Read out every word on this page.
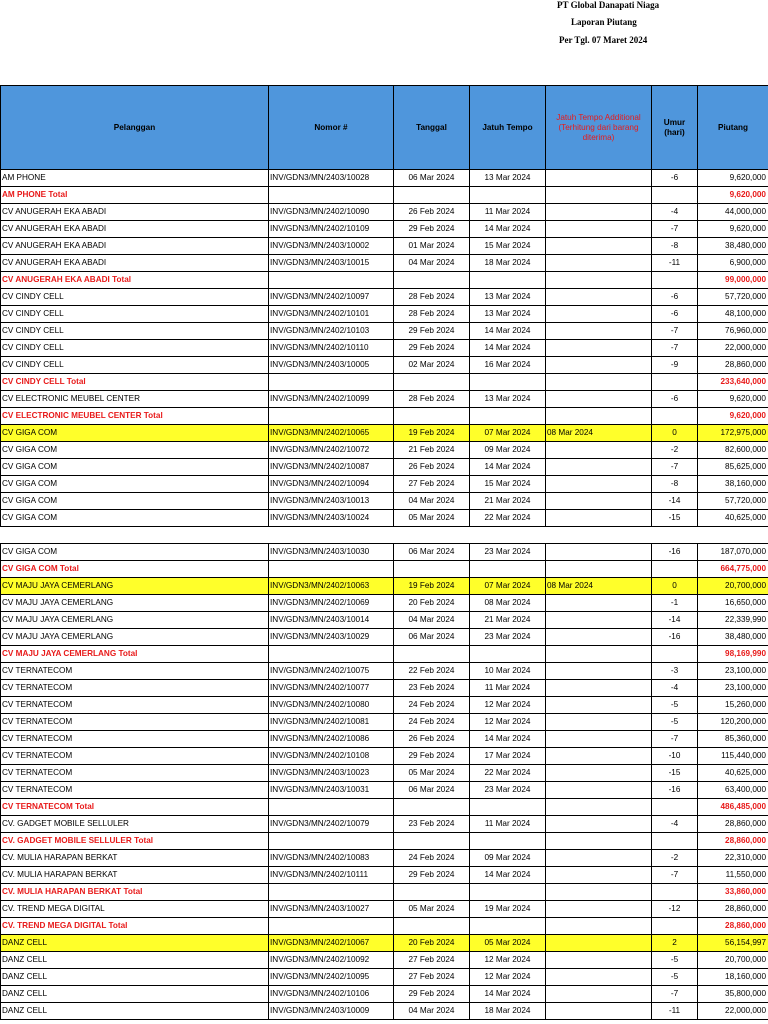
PT Global Danapati Niaga
Laporan Piutang
Per Tgl. 07 Maret 2024
Pelanggan	Nomor #	Tanggal	Jatuh Tempo	Jatuh Tempo Additional (Terhitung dari barang diterima)	Umur (hari)	Piutang
AM PHONE	INV/GDN3/MN/2403/10028	06 Mar 2024	13 Mar 2024		-6	9,620,000
AM PHONE Total						9,620,000
CV ANUGERAH EKA ABADI	INV/GDN3/MN/2402/10090	26 Feb 2024	11 Mar 2024		-4	44,000,000
CV ANUGERAH EKA ABADI	INV/GDN3/MN/2402/10109	29 Feb 2024	14 Mar 2024		-7	9,620,000
CV ANUGERAH EKA ABADI	INV/GDN3/MN/2403/10002	01 Mar 2024	15 Mar 2024		-8	38,480,000
CV ANUGERAH EKA ABADI	INV/GDN3/MN/2403/10015	04 Mar 2024	18 Mar 2024		-11	6,900,000
CV ANUGERAH EKA ABADI Total						99,000,000
CV CINDY CELL	INV/GDN3/MN/2402/10097	28 Feb 2024	13 Mar 2024		-6	57,720,000
CV CINDY CELL	INV/GDN3/MN/2402/10101	28 Feb 2024	13 Mar 2024		-6	48,100,000
CV CINDY CELL	INV/GDN3/MN/2402/10103	29 Feb 2024	14 Mar 2024		-7	76,960,000
CV CINDY CELL	INV/GDN3/MN/2402/10110	29 Feb 2024	14 Mar 2024		-7	22,000,000
CV CINDY CELL	INV/GDN3/MN/2403/10005	02 Mar 2024	16 Mar 2024		-9	28,860,000
CV CINDY CELL Total						233,640,000
CV ELECTRONIC MEUBEL CENTER	INV/GDN3/MN/2402/10099	28 Feb 2024	13 Mar 2024		-6	9,620,000
CV ELECTRONIC MEUBEL CENTER Total						9,620,000
CV GIGA COM	INV/GDN3/MN/2402/10065	19 Feb 2024	07 Mar 2024	08 Mar 2024	0	172,975,000
CV GIGA COM	INV/GDN3/MN/2402/10072	21 Feb 2024	09 Mar 2024		-2	82,600,000
CV GIGA COM	INV/GDN3/MN/2402/10087	26 Feb 2024	14 Mar 2024		-7	85,625,000
CV GIGA COM	INV/GDN3/MN/2402/10094	27 Feb 2024	15 Mar 2024		-8	38,160,000
CV GIGA COM	INV/GDN3/MN/2403/10013	04 Mar 2024	21 Mar 2024		-14	57,720,000
CV GIGA COM	INV/GDN3/MN/2403/10024	05 Mar 2024	22 Mar 2024		-15	40,625,000

CV GIGA COM	INV/GDN3/MN/2403/10030	06 Mar 2024	23 Mar 2024		-16	187,070,000
CV GIGA COM Total						664,775,000
CV MAJU JAYA CEMERLANG	INV/GDN3/MN/2402/10063	19 Feb 2024	07 Mar 2024	08 Mar 2024	0	20,700,000
CV MAJU JAYA CEMERLANG	INV/GDN3/MN/2402/10069	20 Feb 2024	08 Mar 2024		-1	16,650,000
CV MAJU JAYA CEMERLANG	INV/GDN3/MN/2403/10014	04 Mar 2024	21 Mar 2024		-14	22,339,990
CV MAJU JAYA CEMERLANG	INV/GDN3/MN/2403/10029	06 Mar 2024	23 Mar 2024		-16	38,480,000
CV MAJU JAYA CEMERLANG Total						98,169,990
CV TERNATECOM	INV/GDN3/MN/2402/10075	22 Feb 2024	10 Mar 2024		-3	23,100,000
CV TERNATECOM	INV/GDN3/MN/2402/10077	23 Feb 2024	11 Mar 2024		-4	23,100,000
CV TERNATECOM	INV/GDN3/MN/2402/10080	24 Feb 2024	12 Mar 2024		-5	15,260,000
CV TERNATECOM	INV/GDN3/MN/2402/10081	24 Feb 2024	12 Mar 2024		-5	120,200,000
CV TERNATECOM	INV/GDN3/MN/2402/10086	26 Feb 2024	14 Mar 2024		-7	85,360,000
CV TERNATECOM	INV/GDN3/MN/2402/10108	29 Feb 2024	17 Mar 2024		-10	115,440,000
CV TERNATECOM	INV/GDN3/MN/2403/10023	05 Mar 2024	22 Mar 2024		-15	40,625,000
CV TERNATECOM	INV/GDN3/MN/2403/10031	06 Mar 2024	23 Mar 2024		-16	63,400,000
CV TERNATECOM Total						486,485,000
CV. GADGET MOBILE SELLULER	INV/GDN3/MN/2402/10079	23 Feb 2024	11 Mar 2024		-4	28,860,000
CV. GADGET MOBILE SELLULER Total						28,860,000
CV. MULIA HARAPAN BERKAT	INV/GDN3/MN/2402/10083	24 Feb 2024	09 Mar 2024		-2	22,310,000
CV. MULIA HARAPAN BERKAT	INV/GDN3/MN/2402/10111	29 Feb 2024	14 Mar 2024		-7	11,550,000
CV. MULIA HARAPAN BERKAT Total						33,860,000
CV. TREND MEGA DIGITAL	INV/GDN3/MN/2403/10027	05 Mar 2024	19 Mar 2024		-12	28,860,000
CV. TREND MEGA DIGITAL Total						28,860,000
DANZ CELL	INV/GDN3/MN/2402/10067	20 Feb 2024	05 Mar 2024		2	56,154,997
DANZ CELL	INV/GDN3/MN/2402/10092	27 Feb 2024	12 Mar 2024		-5	20,700,000
DANZ CELL	INV/GDN3/MN/2402/10095	27 Feb 2024	12 Mar 2024		-5	18,160,000
DANZ CELL	INV/GDN3/MN/2402/10106	29 Feb 2024	14 Mar 2024		-7	35,800,000
DANZ CELL	INV/GDN3/MN/2403/10009	04 Mar 2024	18 Mar 2024		-11	22,000,000
